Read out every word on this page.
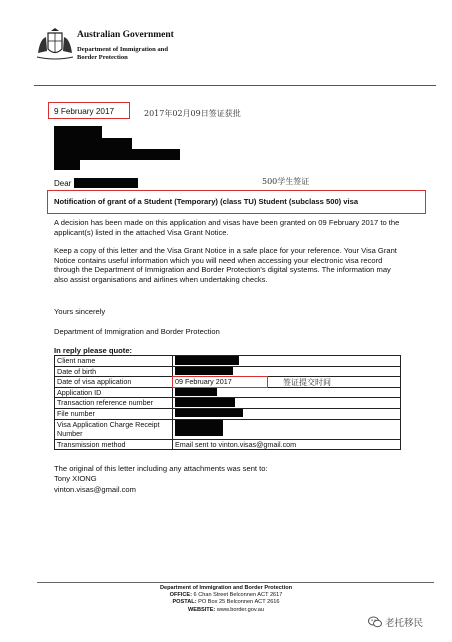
Australian Government
Department of Immigration and Border Protection
9 February 2017	2017年02月09日签证获批
Dear	500学生签证
Notification of grant of a Student (Temporary) (class TU) Student (subclass 500) visa
A decision has been made on this application and visas have been granted on 09 February 2017 to the applicant(s) listed in the attached Visa Grant Notice.
Keep a copy of this letter and the Visa Grant Notice in a safe place for your reference. Your Visa Grant Notice contains useful information which you will need when accessing your electronic visa record through the Department of Immigration and Border Protection's digital systems. The information may also assist organisations and airlines when undertaking checks.
Yours sincerely
Department of Immigration and Border Protection
In reply please quote:
Client name	
Date of birth	
Date of visa application	09 February 2017
Application ID	
Transaction reference number	
File number	
Visa Application Charge Receipt Number	
Transmission method	Email sent to vinton.visas@gmail.com
签证提交时间
The original of this letter including any attachments was sent to:
Tony XIONG
vinton.visas@gmail.com
Department of Immigration and Border Protection
OFFICE: 6 Chan Street Belconnen ACT 2617
POSTAL: PO Box 25 Belconnen ACT 2616
WEBSITE: www.border.gov.au
老托移民
